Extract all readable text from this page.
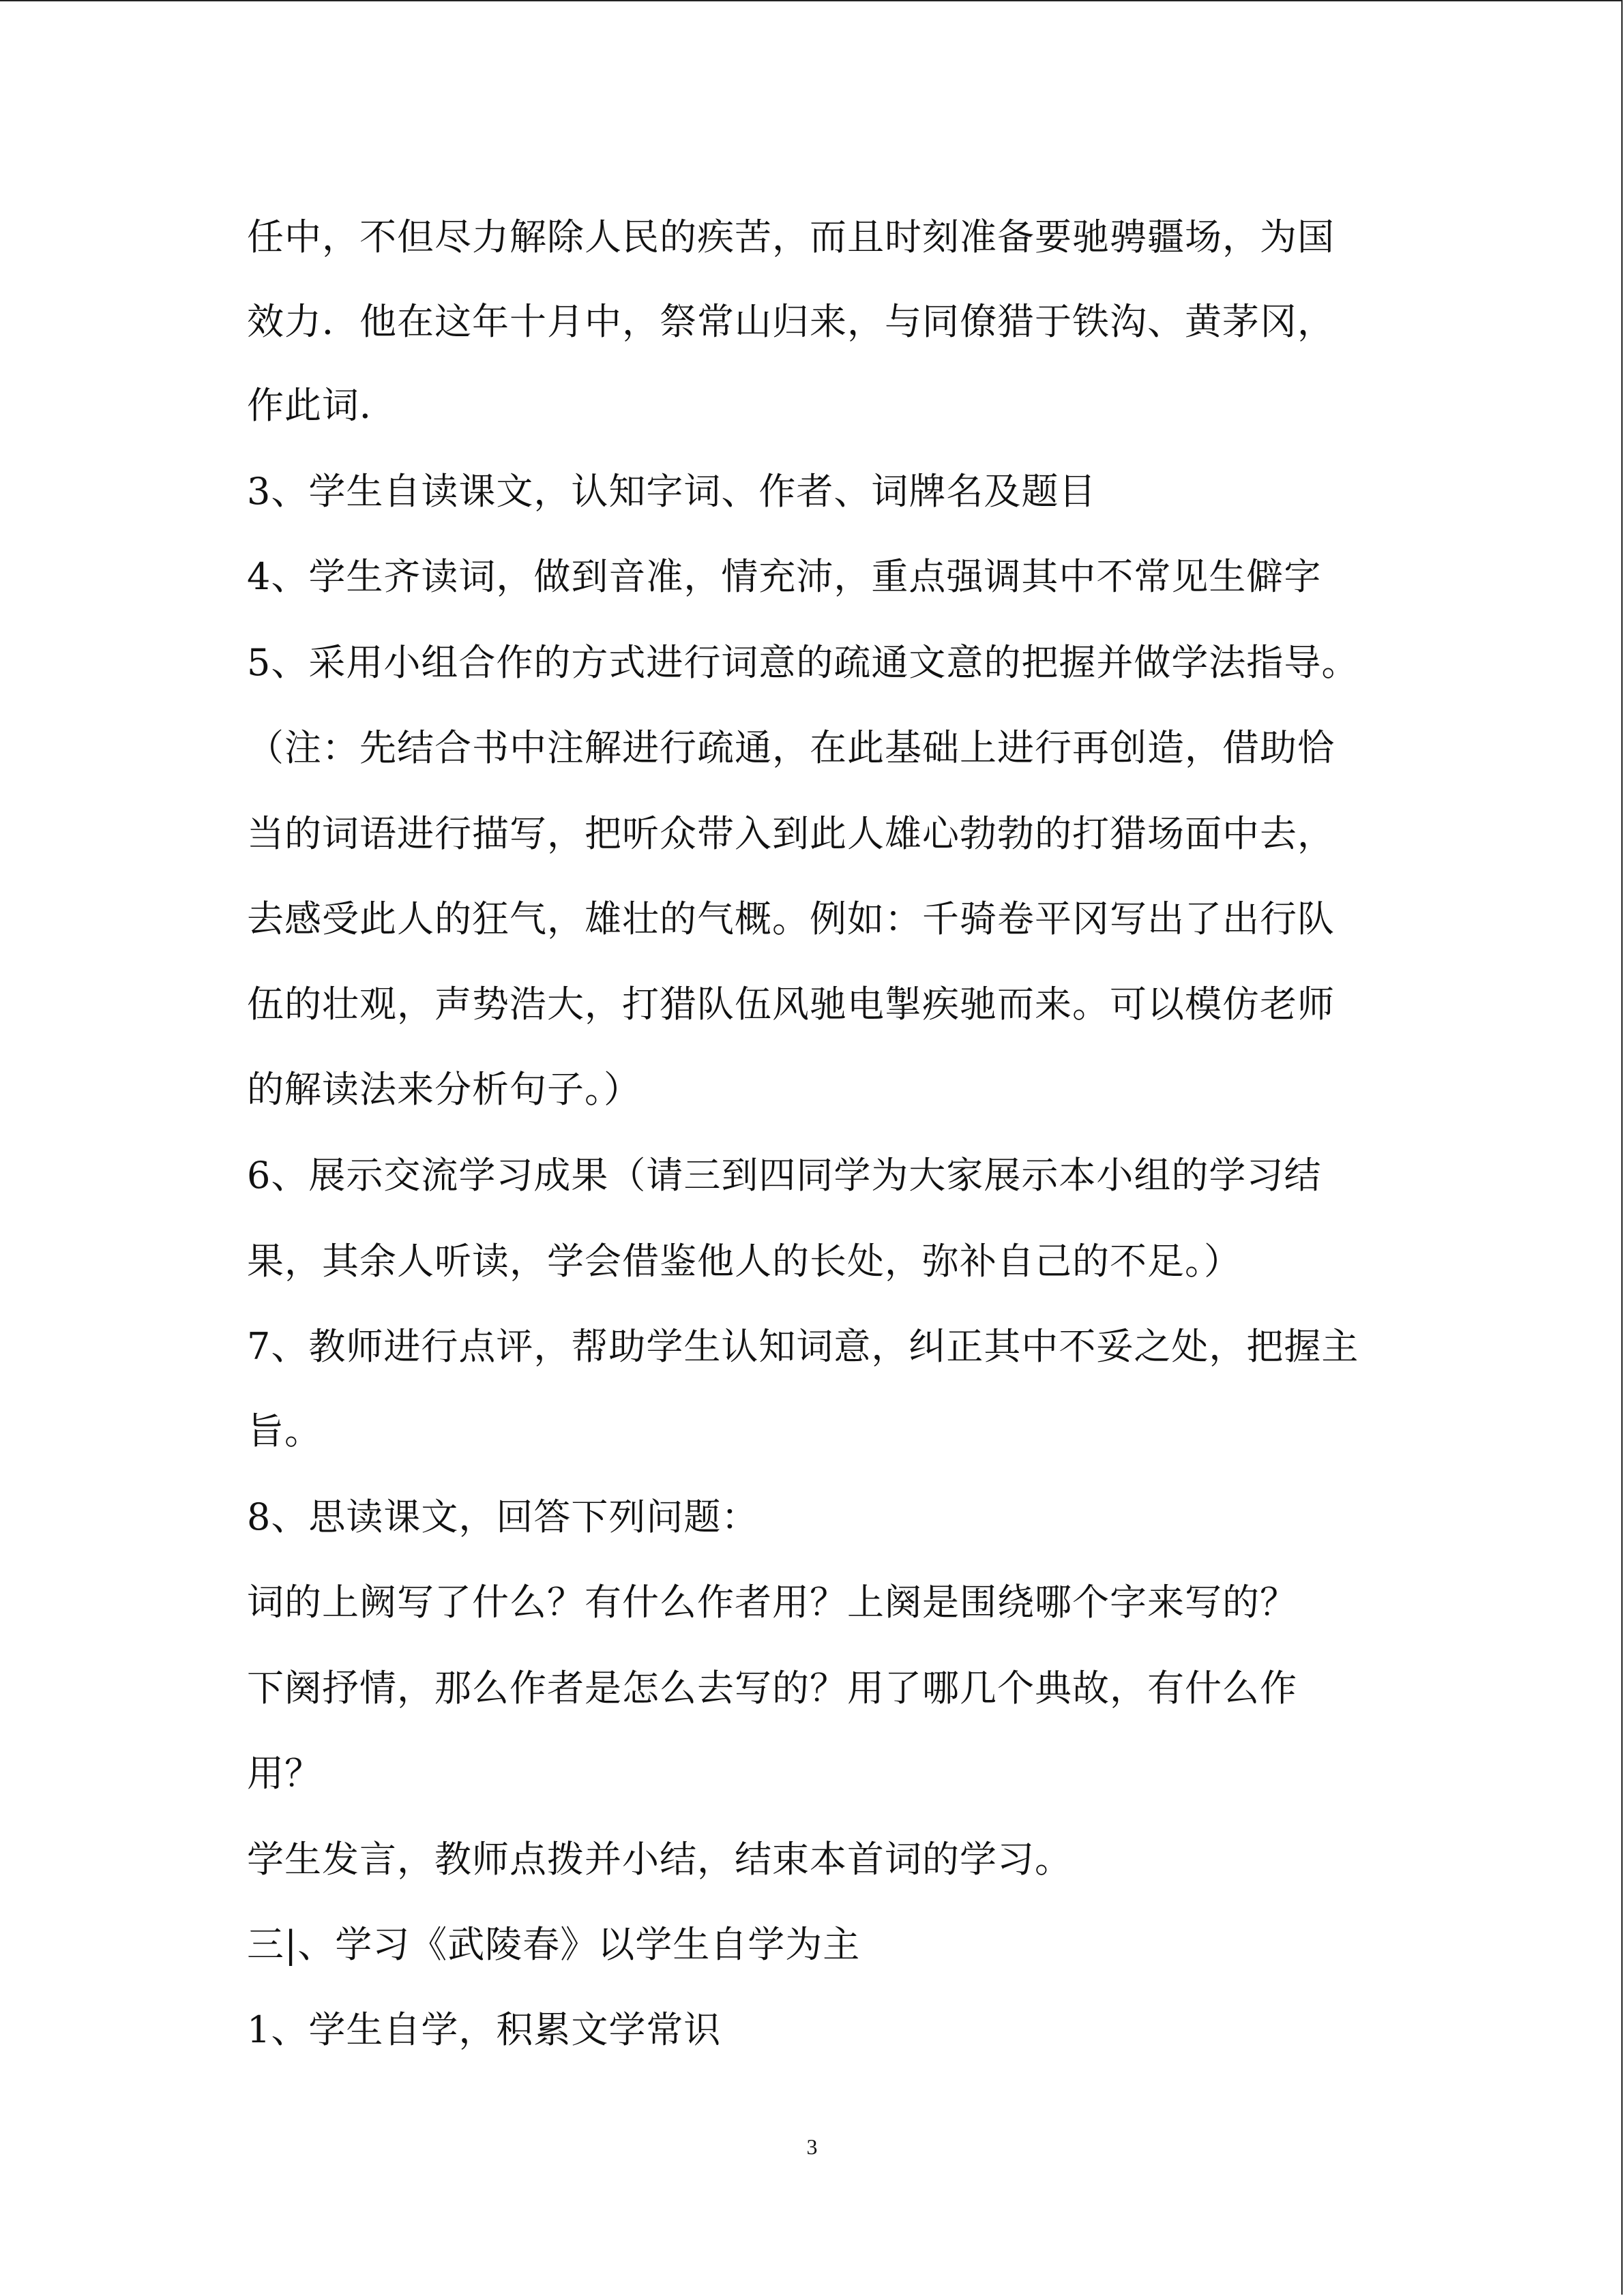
任中，不但尽力解除人民的疾苦，而且时刻准备要驰骋疆场，为国
效力．他在这年十月中，祭常山归来，与同僚猎于铁沟、黄茅冈，
作此词．
3、学生自读课文，认知字词、作者、词牌名及题目
4、学生齐读词，做到音准，情充沛，重点强调其中不常见生僻字
5、采用小组合作的方式进行词意的疏通文意的把握并做学法指导。
（注：先结合书中注解进行疏通，在此基础上进行再创造，借助恰
当的词语进行描写，把听众带入到此人雄心勃勃的打猎场面中去，
去感受此人的狂气，雄壮的气概。例如：千骑卷平冈写出了出行队
伍的壮观，声势浩大，打猎队伍风驰电掣疾驰而来。可以模仿老师
的解读法来分析句子。）
6、展示交流学习成果（请三到四同学为大家展示本小组的学习结
果，其余人听读，学会借鉴他人的长处，弥补自己的不足。）
7、教师进行点评，帮助学生认知词意，纠正其中不妥之处，把握主
旨。
8、思读课文，回答下列问题：
词的上阙写了什么？有什么作者用？上阕是围绕哪个字来写的？
下阕抒情，那么作者是怎么去写的？用了哪几个典故，有什么作
用？
学生发言，教师点拨并小结，结束本首词的学习。
三|、学习《武陵春》以学生自学为主
1、学生自学，积累文学常识
3
